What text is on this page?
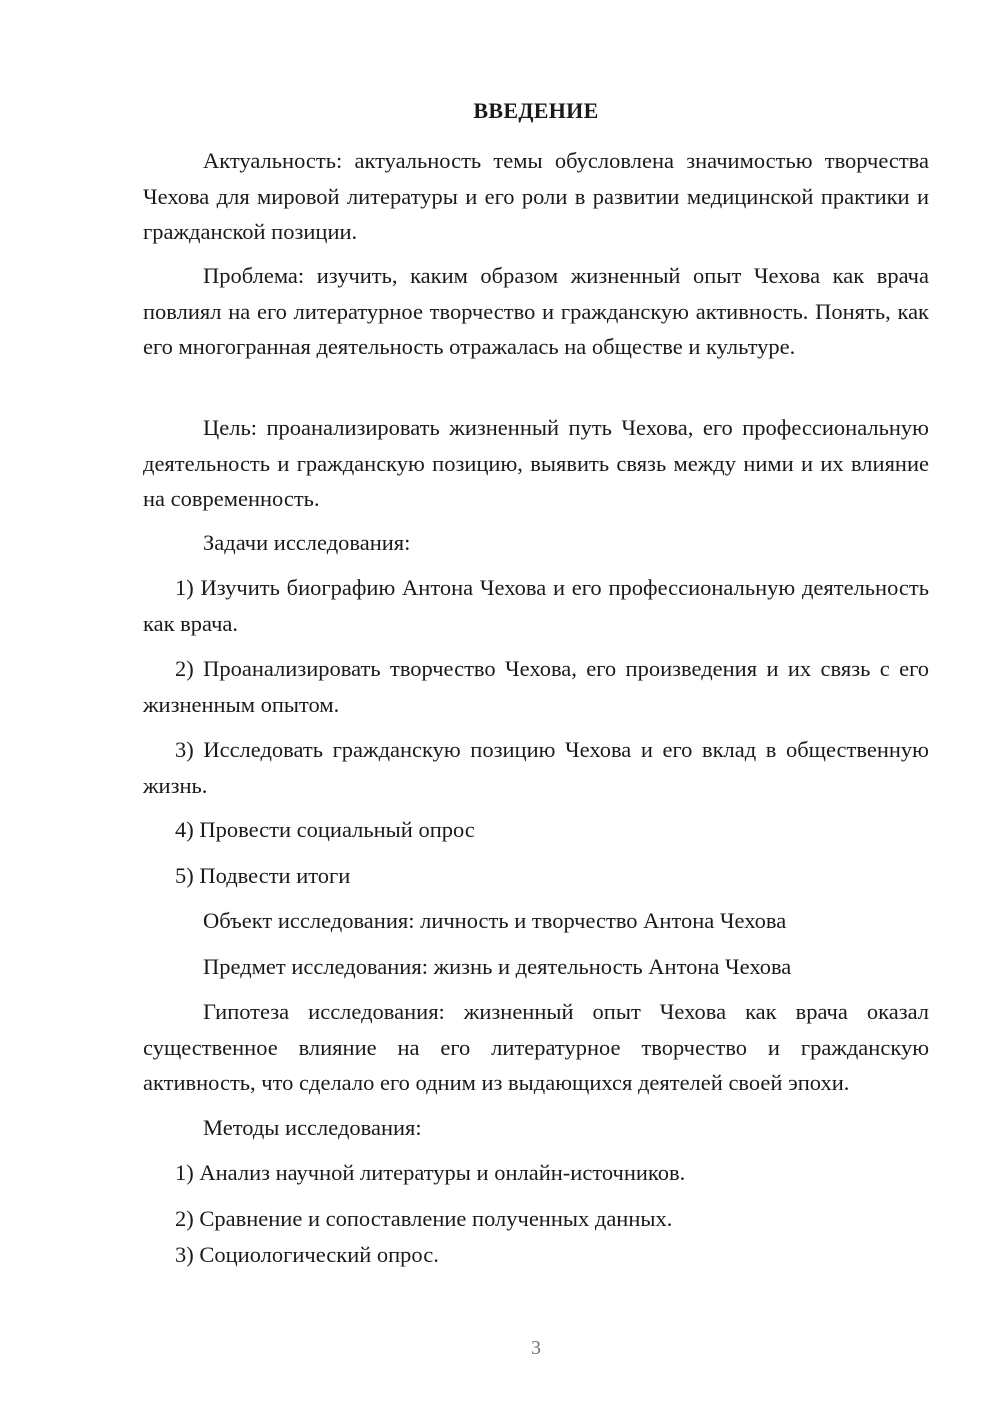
ВВЕДЕНИЕ

Актуальность: актуальность темы обусловлена значимостью творчества Чехова для мировой литературы и его роли в развитии медицинской практики и гражданской позиции.

Проблема: изучить, каким образом жизненный опыт Чехова как врача повлиял на его литературное творчество и гражданскую активность. Понять, как его многогранная деятельность отражалась на обществе и культуре.

Цель: проанализировать жизненный путь Чехова, его профессиональную деятельность и гражданскую позицию, выявить связь между ними и их влияние на современность.

Задачи исследования:

1) Изучить биографию Антона Чехова и его профессиональную деятельность как врача.

2) Проанализировать творчество Чехова, его произведения и их связь с его жизненным опытом.

3) Исследовать гражданскую позицию Чехова и его вклад в общественную жизнь.

4) Провести социальный опрос

5) Подвести итоги

Объект исследования: личность и творчество Антона Чехова

Предмет исследования: жизнь и деятельность Антона Чехова

Гипотеза исследования: жизненный опыт Чехова как врача оказал существенное влияние на его литературное творчество и гражданскую активность, что сделало его одним из выдающихся деятелей своей эпохи.

Методы исследования:

1) Анализ научной литературы и онлайн-источников.

2) Сравнение и сопоставление полученных данных.

3) Социологический опрос.

3
